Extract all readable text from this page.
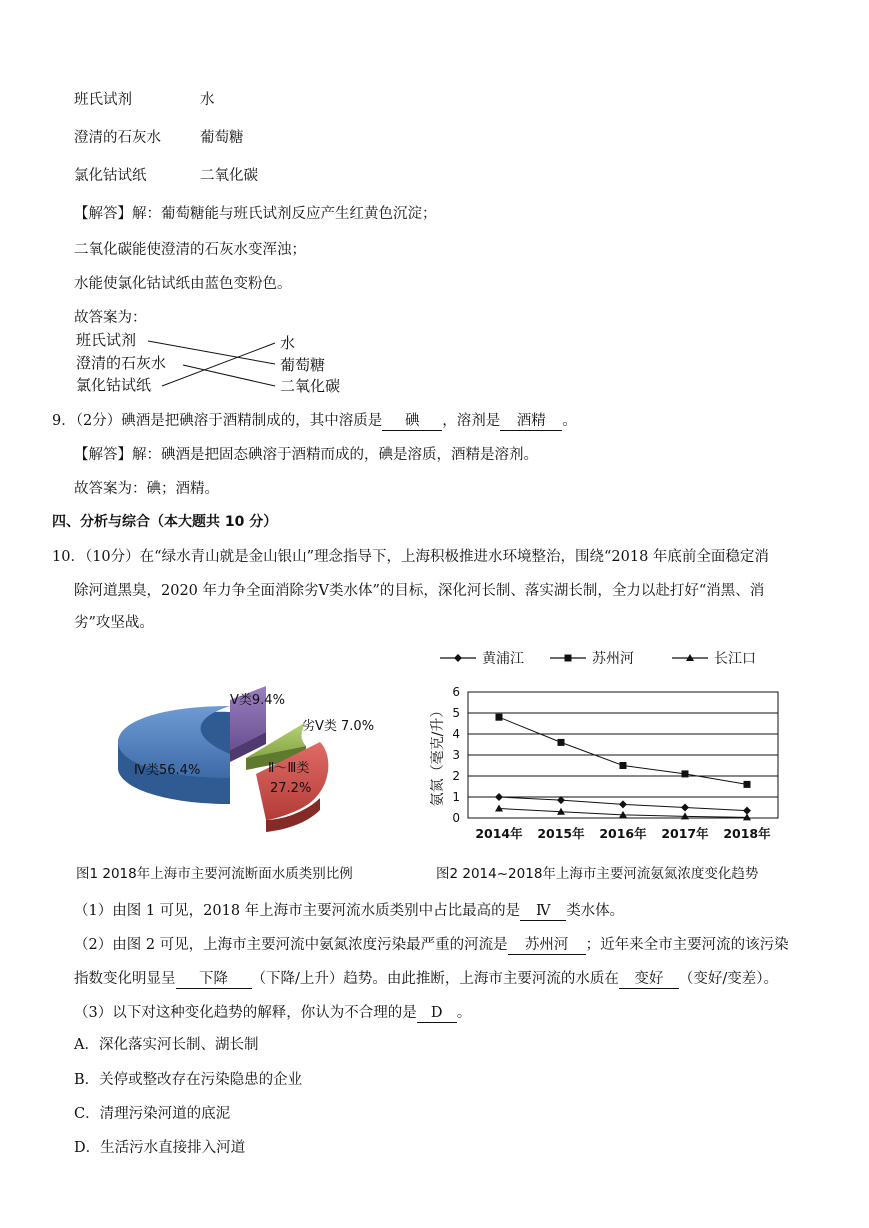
班氏试剂	水
澄清的石灰水	葡萄糖
氯化钴试纸	二氧化碳
【解答】解：葡萄糖能与班氏试剂反应产生红黄色沉淀；
二氧化碳能使澄清的石灰水变浑浊；
水能使氯化钴试纸由蓝色变粉色。
故答案为：
班氏试剂
澄清的石灰水
氯化钴试纸
水
葡萄糖
二氧化碳
9．（2分）碘酒是把碘溶于酒精制成的，其中溶质是 碘 ，溶剂是 酒精 。
【解答】解：碘酒是把固态碘溶于酒精而成的，碘是溶质，酒精是溶剂。
故答案为：碘；酒精。
四、分析与综合（本大题共 10 分）
10．（10分）在“绿水青山就是金山银山”理念指导下，上海积极推进水环境整治，围绕“2018 年底前全面稳定消
除河道黑臭，2020 年力争全面消除劣Ⅴ类水体”的目标，深化河长制、落实湖长制，全力以赴打好“消黑、消
劣”攻坚战。
Ⅳ类56.4%
Ⅴ类9.4%
劣Ⅴ类 7.0%
Ⅱ～Ⅲ类
27.2%
黄浦江	苏州河	长江口
0
1
2
3
4
5
6
2014年 2015年 2016年 2017年 2018年
氨氮（毫克/升）
图1 2018年上海市主要河流断面水质类别比例	图2 2014~2018年上海市主要河流氨氮浓度变化趋势
（1）由图 1 可见，2018 年上海市主要河流水质类别中占比最高的是 Ⅳ 类水体。
（2）由图 2 可见，上海市主要河流中氨氮浓度污染最严重的河流是 苏州河 ；近年来全市主要河流的该污染
指数变化明显呈 下降 （下降/上升）趋势。由此推断，上海市主要河流的水质在 变好 （变好/变差）。
（3）以下对这种变化趋势的解释，你认为不合理的是 D 。
A．深化落实河长制、湖长制
B．关停或整改存在污染隐患的企业
C．清理污染河道的底泥
D．生活污水直接排入河道
